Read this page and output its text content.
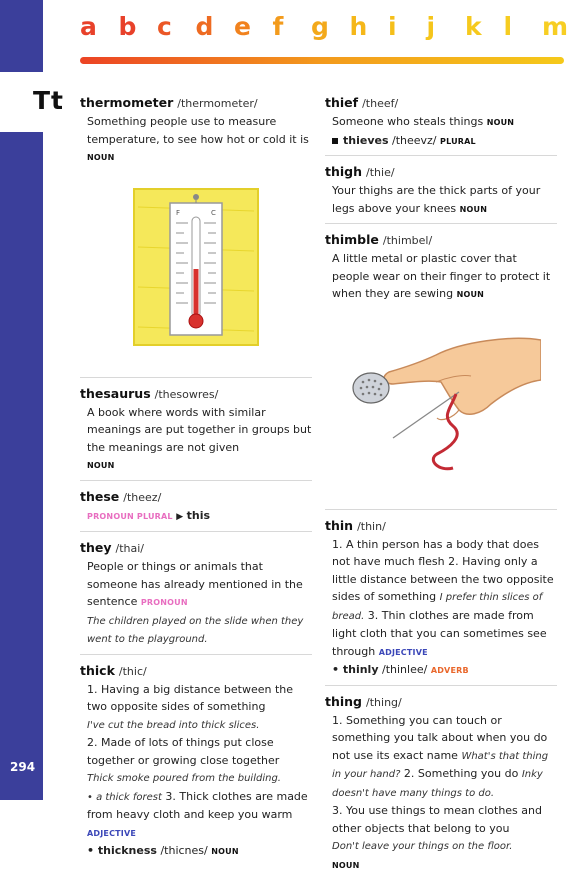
Tt
294
a b c d e f g h i j k l m
thermometer /thermometer/
Something people use to measure temperature, to see how hot or cold it is NOUN
F	C
thesaurus /thesowres/
A book where words with similar meanings are put together in groups but the meanings are not given
NOUN
these /theez/
PRONOUN PLURAL ▶ this
they /thai/
People or things or animals that someone has already mentioned in the sentence PRONOUN
The children played on the slide when they went to the playground.
thick /thic/
1. Having a big distance between the two opposite sides of something
I've cut the bread into thick slices.
2. Made of lots of things put close together or growing close together
Thick smoke poured from the building.
• a thick forest 3. Thick clothes are made from heavy cloth and keep you warm ADJECTIVE
• thickness /thicnes/ NOUN
thief /theef/
Someone who steals things NOUN
thieves /theevz/ PLURAL
thigh /thie/
Your thighs are the thick parts of your legs above your knees NOUN
thimble /thimbel/
A little metal or plastic cover that people wear on their finger to protect it when they are sewing NOUN
thin /thin/
1. A thin person has a body that does not have much flesh 2. Having only a little distance between the two opposite sides of something I prefer thin slices of bread. 3. Thin clothes are made from light cloth that you can sometimes see through ADJECTIVE
• thinly /thinlee/ ADVERB
thing /thing/
1. Something you can touch or something you talk about when you do not use its exact name What's that thing in your hand? 2. Something you do Inky doesn't have many things to do.
3. You use things to mean clothes and other objects that belong to you
Don't leave your things on the floor.
NOUN
